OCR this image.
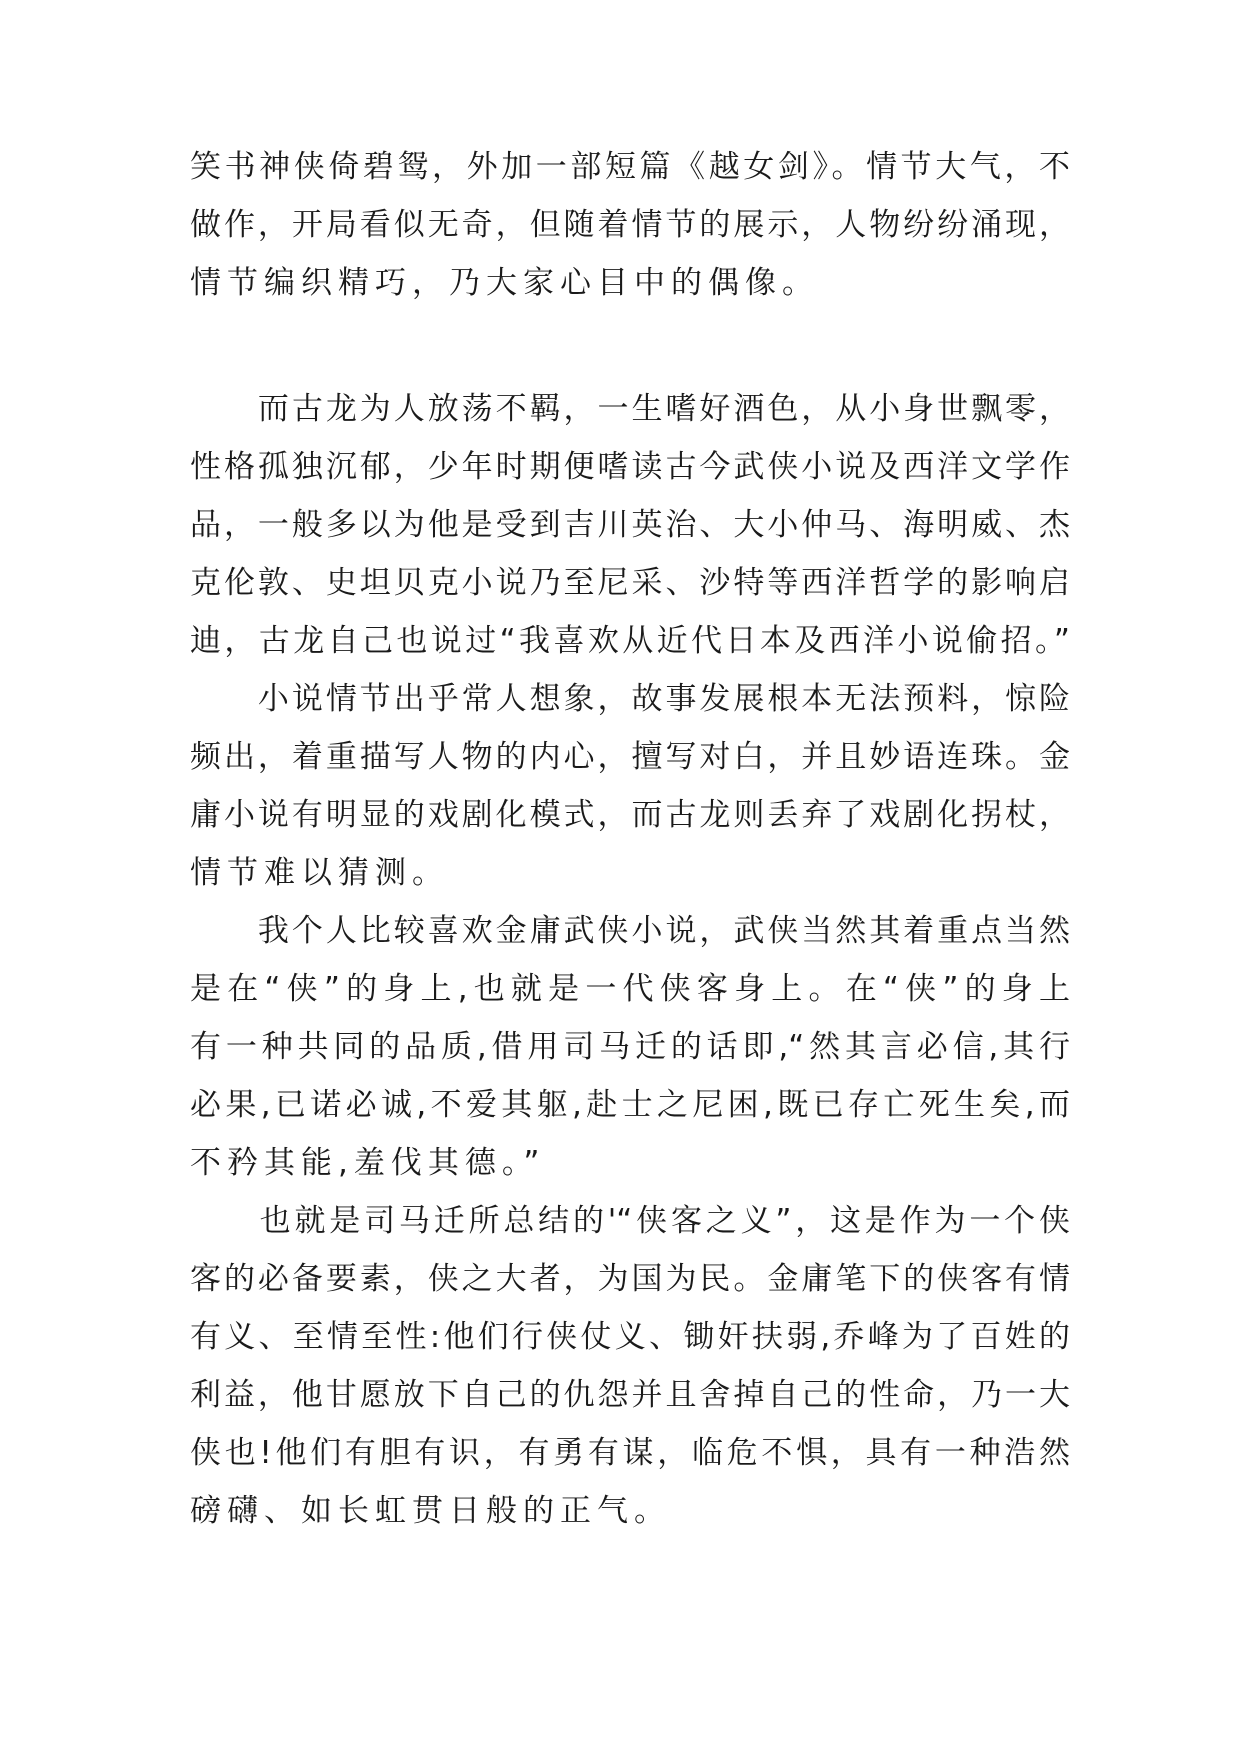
笑书神侠倚碧鸳，外加一部短篇《越女剑》。情节大气，不
做作，开局看似无奇，但随着情节的展示，人物纷纷涌现，
情节编织精巧，乃大家心目中的偶像。
　　而古龙为人放荡不羁，一生嗜好酒色，从小身世飘零，
性格孤独沉郁，少年时期便嗜读古今武侠小说及西洋文学作
品，一般多以为他是受到吉川英治、大小仲马、海明威、杰
克伦敦、史坦贝克小说乃至尼采、沙特等西洋哲学的影响启
迪，古龙自己也说过“我喜欢从近代日本及西洋小说偷招。”
　　小说情节出乎常人想象，故事发展根本无法预料，惊险
频出，着重描写人物的内心，擅写对白，并且妙语连珠。金
庸小说有明显的戏剧化模式，而古龙则丢弃了戏剧化拐杖，
情节难以猜测。
　　我个人比较喜欢金庸武侠小说，武侠当然其着重点当然
是在“侠”的身上,也就是一代侠客身上。在“侠”的身上
有一种共同的品质,借用司马迁的话即,“然其言必信,其行
必果,已诺必诚,不爱其躯,赴士之尼困,既已存亡死生矣,而
不矜其能,羞伐其德。”
　　也就是司马迁所总结的'“侠客之义”，这是作为一个侠
客的必备要素，侠之大者，为国为民。金庸笔下的侠客有情
有义、至情至性:他们行侠仗义、锄奸扶弱,乔峰为了百姓的
利益，他甘愿放下自己的仇怨并且舍掉自己的性命，乃一大
侠也!他们有胆有识，有勇有谋，临危不惧，具有一种浩然
磅礴、如长虹贯日般的正气。
